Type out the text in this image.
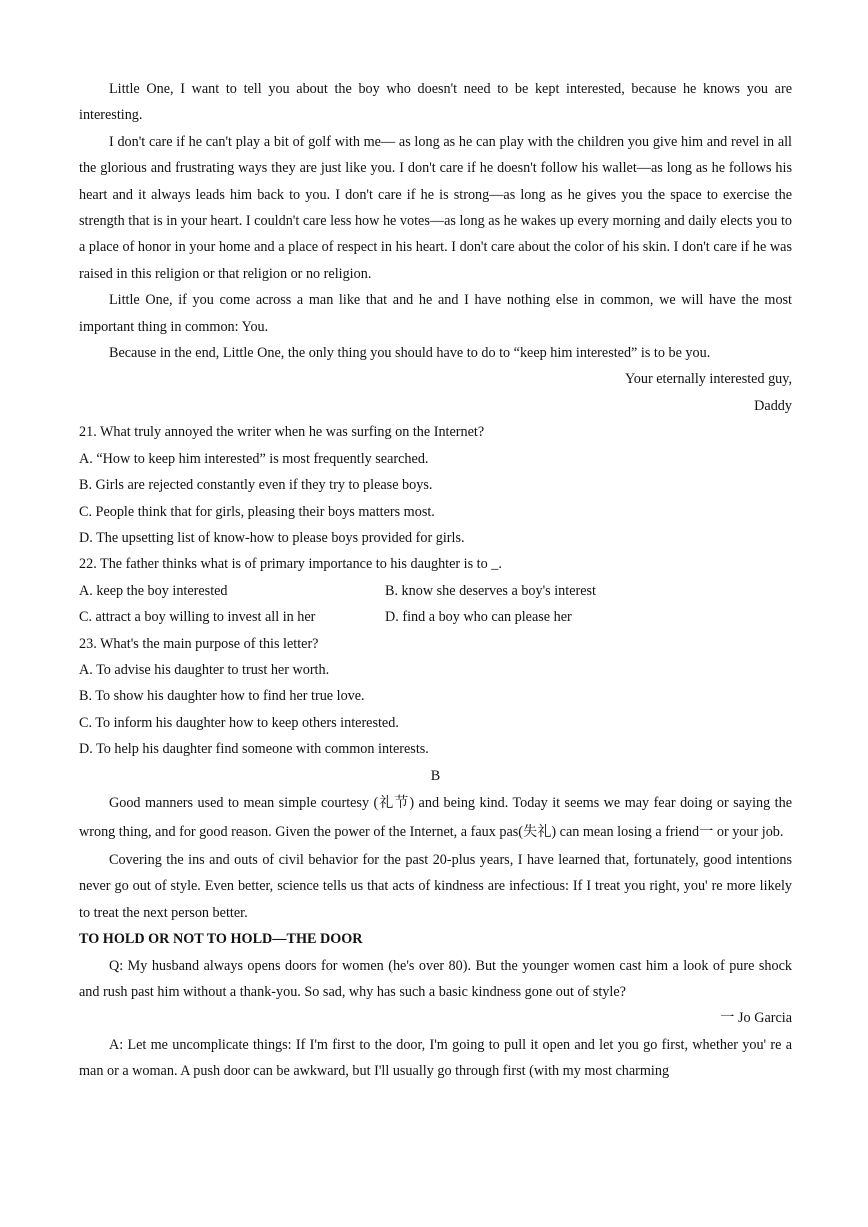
Little One, I want to tell you about the boy who doesn't need to be kept interested, because he knows you are interesting.

I don't care if he can't play a bit of golf with me— as long as he can play with the children you give him and revel in all the glorious and frustrating ways they are just like you. I don't care if he doesn't follow his wallet—as long as he follows his heart and it always leads him back to you. I don't care if he is strong—as long as he gives you the space to exercise the strength that is in your heart. I couldn't care less how he votes—as long as he wakes up every morning and daily elects you to a place of honor in your home and a place of respect in his heart. I don't care about the color of his skin. I don't care if he was raised in this religion or that religion or no religion.

Little One, if you come across a man like that and he and I have nothing else in common, we will have the most important thing in common: You.

Because in the end, Little One, the only thing you should have to do to “keep him interested” is to be you.

Your eternally interested guy,

Daddy

21. What truly annoyed the writer when he was surfing on the Internet?

A. “How to keep him interested” is most frequently searched.

B. Girls are rejected constantly even if they try to please boys.

C. People think that for girls, pleasing their boys matters most.

D. The upsetting list of know-how to please boys provided for girls.

22. The father thinks what is of primary importance to his daughter is to _.

A. keep the boy interested	B. know she deserves a boy's interest
C. attract a boy willing to invest all in her	D. find a boy who can please her

23. What's the main purpose of this letter?

A. To advise his daughter to trust her worth.

B. To show his daughter how to find her true love.

C. To inform his daughter how to keep others interested.

D. To help his daughter find someone with common interests.

B

Good manners used to mean simple courtesy (礼节) and being kind. Today it seems we may fear doing or saying the wrong thing, and for good reason. Given the power of the Internet, a faux pas(失礼) can mean losing a friend一 or your job.

Covering the ins and outs of civil behavior for the past 20-plus years, I have learned that, fortunately, good intentions never go out of style. Even better, science tells us that acts of kindness are infectious: If I treat you right, you' re more likely to treat the next person better.

TO HOLD OR NOT TO HOLD—THE DOOR

Q: My husband always opens doors for women (he's over 80). But the younger women cast him a look of pure shock and rush past him without a thank-you. So sad, why has such a basic kindness gone out of style?

一 Jo Garcia

A: Let me uncomplicate things: If I'm first to the door, I'm going to pull it open and let you go first, whether you' re a man or a woman. A push door can be awkward, but I'll usually go through first (with my most charming
